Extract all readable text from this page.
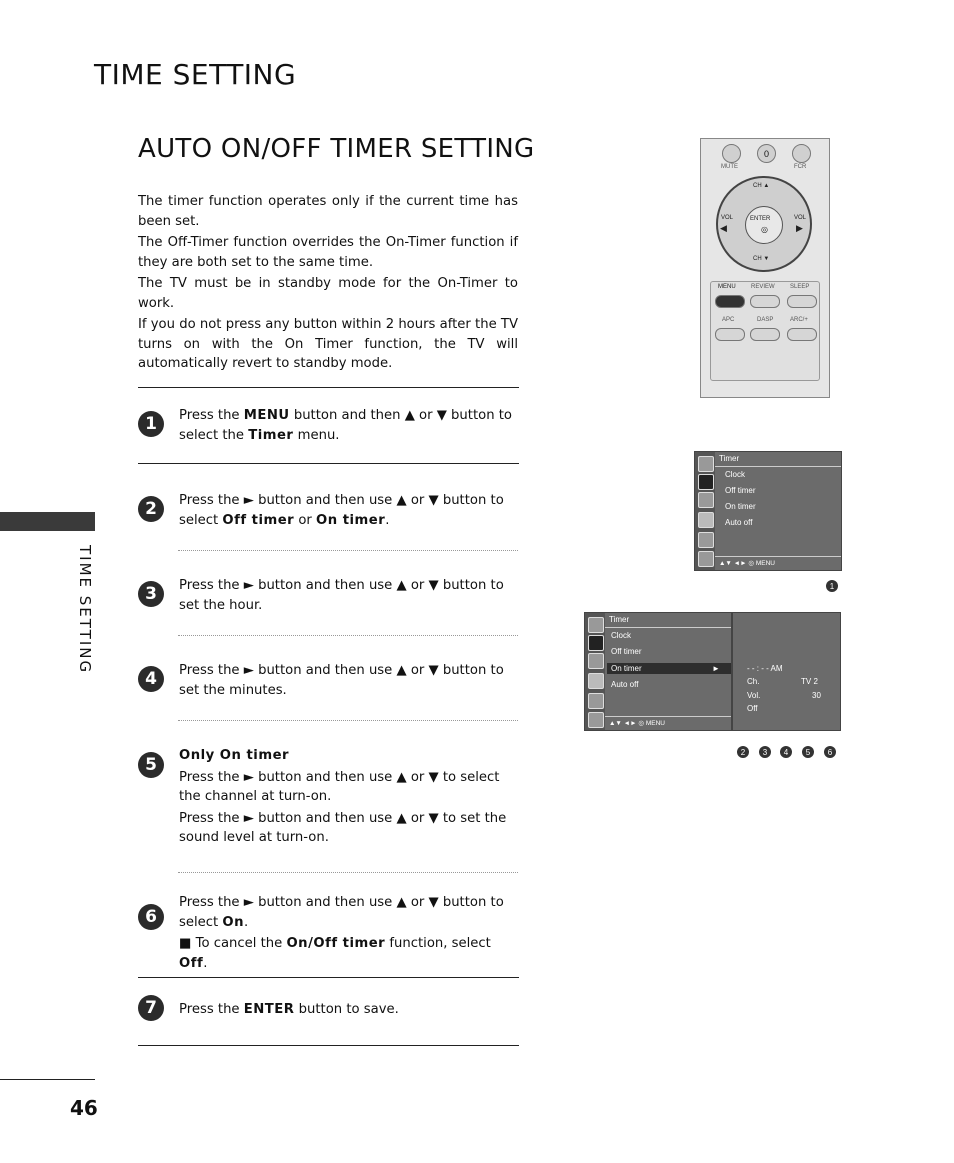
TIME SETTING
AUTO ON/OFF TIMER SETTING

The timer function operates only if the current time has been set.

The Off-Timer function overrides the On-Timer function if they are both set to the same time.

The TV must be in standby mode for the On-Timer to work.

If you do not press any button within 2 hours after the TV turns on with the On Timer function, the TV will automatically revert to standby mode.

1	Press the MENU button and then ▲ or ▼ button to select the Timer menu.
2	Press the ► button and then use ▲ or ▼ button to select Off timer or On timer.
3	Press the ► button and then use ▲ or ▼ button to set the hour.
4	Press the ► button and then use ▲ or ▼ button to set the minutes.
5	Only On timer

Press the ► button and then use ▲ or ▼ to select the channel at turn-on.

Press the ► button and then use ▲ or ▼ to set the sound level at turn-on.

6

Press the ► button and then use ▲ or ▼ button to select On.

■ To cancel the On/Off timer function, select Off.

7	Press the ENTER button to save.
TIME SETTING
46
0
MUTE	FCR
ENTER
◎
CH ▲
CH ▼
VOL
◀
VOL
▶
MENU	REVIEW	SLEEP
APC	DASP	ARC/+
Timer
Clock
Off timer
On timer
Auto off
▲▼ ◄► ◎ MENU
1
Timer
Clock
Off timer
On timer	►
Auto off
▲▼ ◄► ◎ MENU
- - : - - AM
Ch.	TV 2
Vol.	30
Off
2	3	4	5	6
